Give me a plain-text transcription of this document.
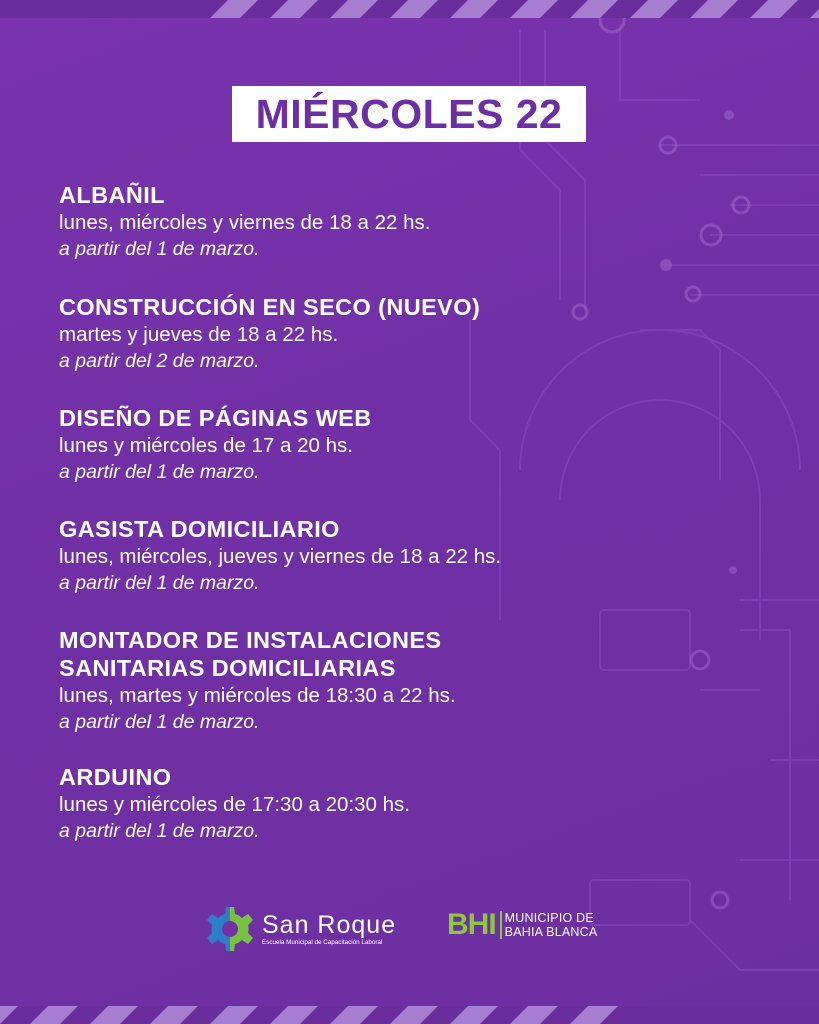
MIÉRCOLES 22

ALBAÑIL

lunes, miércoles y viernes de 18 a 22 hs.

a partir del 1 de marzo.

CONSTRUCCIÓN EN SECO (NUEVO)

martes y jueves de 18 a 22 hs.

a partir del 2 de marzo.

DISEÑO DE PÁGINAS WEB

lunes y miércoles de 17 a 20 hs.

a partir del 1 de marzo.

GASISTA DOMICILIARIO

lunes, miércoles, jueves y viernes de 18 a 22 hs.

a partir del 1 de marzo.

MONTADOR DE INSTALACIONES

SANITARIAS DOMICILIARIAS

lunes, martes y miércoles de 18:30 a 22 hs.

a partir del 1 de marzo.

ARDUINO

lunes y miércoles de 17:30 a 20:30 hs.

a partir del 1 de marzo.

San Roque
Escuela Municipal de Capacitación Laboral
BHI MUNICIPIO DE
BAHIA BLANCA
